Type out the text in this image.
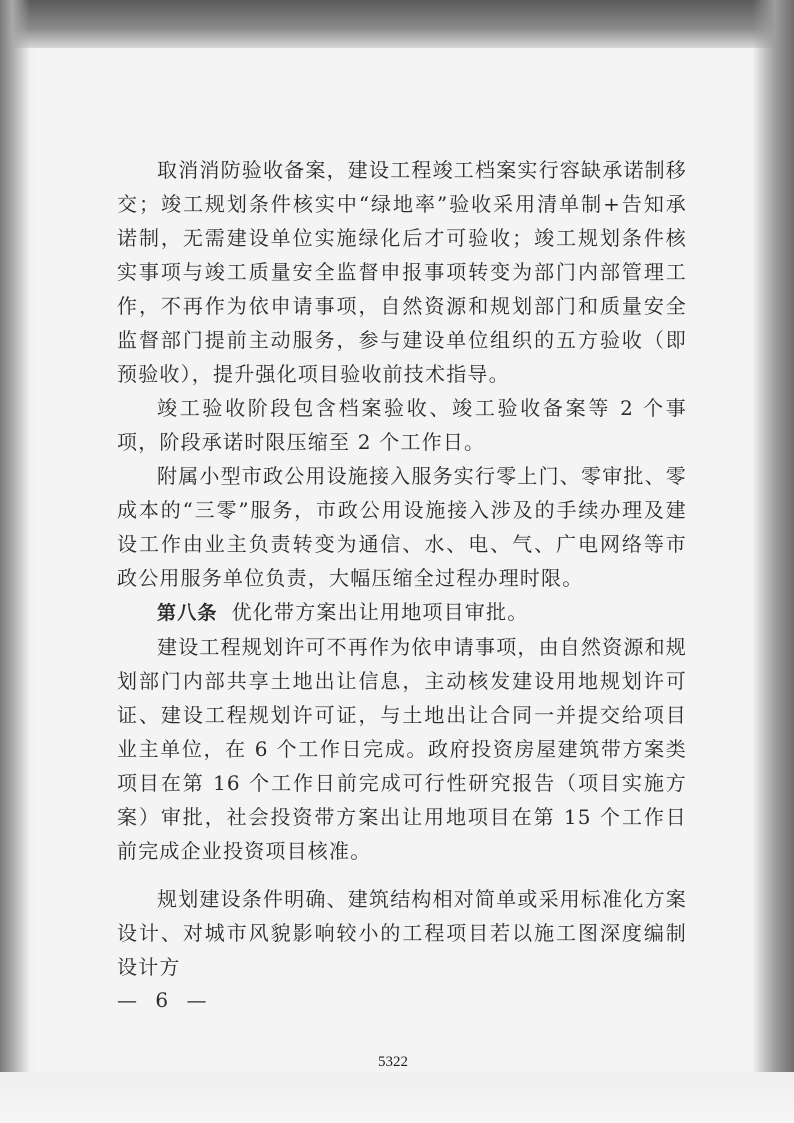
取消消防验收备案，建设工程竣工档案实行容缺承诺制移交；竣工规划条件核实中“绿地率”验收采用清单制+告知承诺制，无需建设单位实施绿化后才可验收；竣工规划条件核实事项与竣工质量安全监督申报事项转变为部门内部管理工作，不再作为依申请事项，自然资源和规划部门和质量安全监督部门提前主动服务，参与建设单位组织的五方验收（即预验收），提升强化项目验收前技术指导。

竣工验收阶段包含档案验收、竣工验收备案等 2 个事项，阶段承诺时限压缩至 2 个工作日。

附属小型市政公用设施接入服务实行零上门、零审批、零成本的“三零”服务，市政公用设施接入涉及的手续办理及建设工作由业主负责转变为通信、水、电、气、广电网络等市政公用服务单位负责，大幅压缩全过程办理时限。

第八条 优化带方案出让用地项目审批。

建设工程规划许可不再作为依申请事项，由自然资源和规划部门内部共享土地出让信息，主动核发建设用地规划许可证、建设工程规划许可证，与土地出让合同一并提交给项目业主单位，在 6 个工作日完成。政府投资房屋建筑带方案类项目在第 16 个工作日前完成可行性研究报告（项目实施方案）审批，社会投资带方案出让用地项目在第 15 个工作日前完成企业投资项目核准。

规划建设条件明确、建筑结构相对简单或采用标准化方案设计、对城市风貌影响较小的工程项目若以施工图深度编制设计方

— 6 —
5322
